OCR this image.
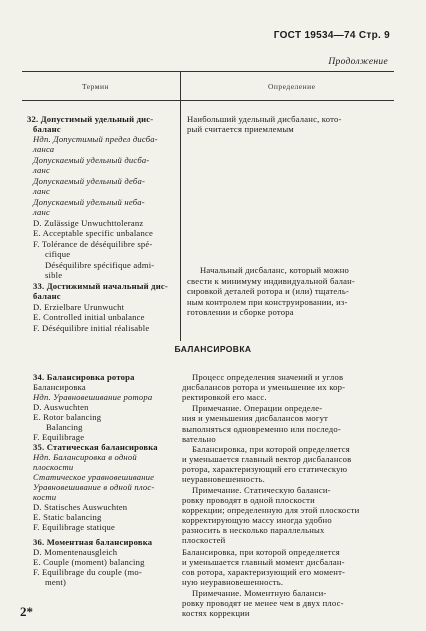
ГОСТ 19534—74 Стр. 9
Продолжение
Термин	Определение
32. Допустимый удельный дис-
баланс
Ндп. Допустимый предел дисба-
ланса
Допускаемый удельный дисба-
ланс
Допускаемый удельный деба-
ланс
Допускаемый удельный неба-
ланс
D. Zulässige Unwuchttoleranz
E. Acceptable specific unbalance
F. Tolérance de déséquilibre spé-
cifique
Déséquilibre spécifique admi-
sible
Наибольший удельный дисбаланс, кото-
рый считается приемлемым
33. Достижимый начальный дис-
баланс
D. Erzielbare Urunwucht
E. Controlled initial unbalance
F. Déséquilibre initial réalisable
Начальный дисбаланс, который можно
свести к минимуму индивидуальной балан-
сировкой деталей ротора и (или) тщатель-
ным контролем при конструировании, из-
готовлении и сборке ротора
БАЛАНСИРОВКА
34. Балансировка ротора
Балансировка
Ндп. Уравновешивание ротора
D. Auswuchten
E. Rotor balancing
Balancing
F. Equilibrage
Процесс определения значений и углов
дисбалансов ротора и уменьшение их кор-
ректировкой его масс.
Примечание. Операции определе-
ния и уменьшения дисбалансов могут
выполняться одновременно или последо-
вательно
35. Статическая балансировка
Ндп. Балансировка в одной
плоскости
Статическое уравновешивание
Уравновешивание в одной плос-
кости
D. Statisches Auswuchten
E. Static balancing
F. Equilibrage statique
Балансировка, при которой определяется
и уменьшается главный вектор дисбалансов
ротора, характеризующий его статическую
неуравновешенность.
Примечание. Статическую баланси-
ровку проводят в одной плоскости
коррекции; определенную для этой плоскости
корректирующую массу иногда удобно
разносить в несколько параллельных
плоскостей
36. Моментная балансировка
D. Momentenausgleich
E. Couple (moment) balancing
F. Equilibrage du couple (mo-
ment)
Балансировка, при которой определяется
и уменьшается главный момент дисбалан-
сов ротора, характеризующий его момент-
ную неуравновешенность.
Примечание. Моментную баланси-
ровку проводят не менее чем в двух плос-
костях коррекции
2*
